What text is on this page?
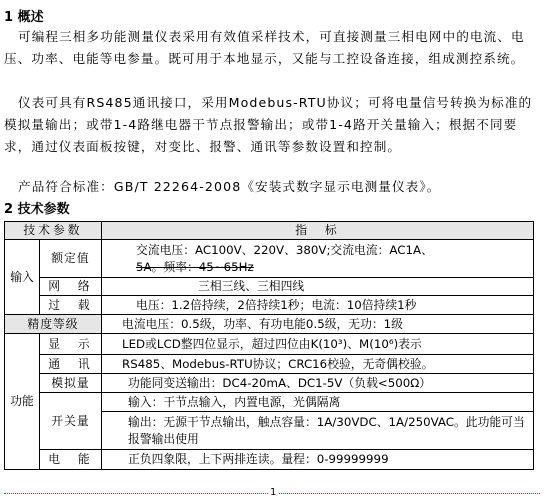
1 概述

可编程三相多功能测量仪表采用有效值采样技术，可直接测量三相电网中的电流、电压、功率、电能等电参量。既可用于本地显示，又能与工控设备连接，组成测控系统。

仪表可具有RS485通讯接口，采用Modebus-RTU协议；可将电量信号转换为标准的模拟量输出；或带1-4路继电器干节点报警输出；或带1-4路开关量输入；根据不同要求，通过仪表面板按键，对变比、报警、通讯等参数设置和控制。

产品符合标准：GB/T 22264-2008《安装式数字显示电测量仪表》。

2 技术参数
技术参数		指　标
输入	额定值	交流电压：AC100V、220V、380V;交流电流：AC1A、
5A。频率：45~65Hz

	网　络	三相三线、三相四线
	过　载	电压：1.2倍持续，2倍持续1秒；电流：10倍持续1秒
精度等级		电流电压：0.5级，功率、有功电能0.5级，无功：1级
功能	显　示	LED或LCD整四位显示，超过四位由K(10³)、M(10⁶)表示
	通　讯	RS485、Modebus-RTU协议；CRC16校验，无奇偶校验。
	模拟量	功能同变送输出：DC4-20mA、DC1-5V（负载<500Ω）
	开关量	输入：干节点输入，内置电源，光偶隔离
		输出：无源干节点输出，触点容量：1A/30VDC、1A/250VAC。此功能可当报警输出使用
	电　能	正负四象限，上下两排连读。量程：0-99999999
1
